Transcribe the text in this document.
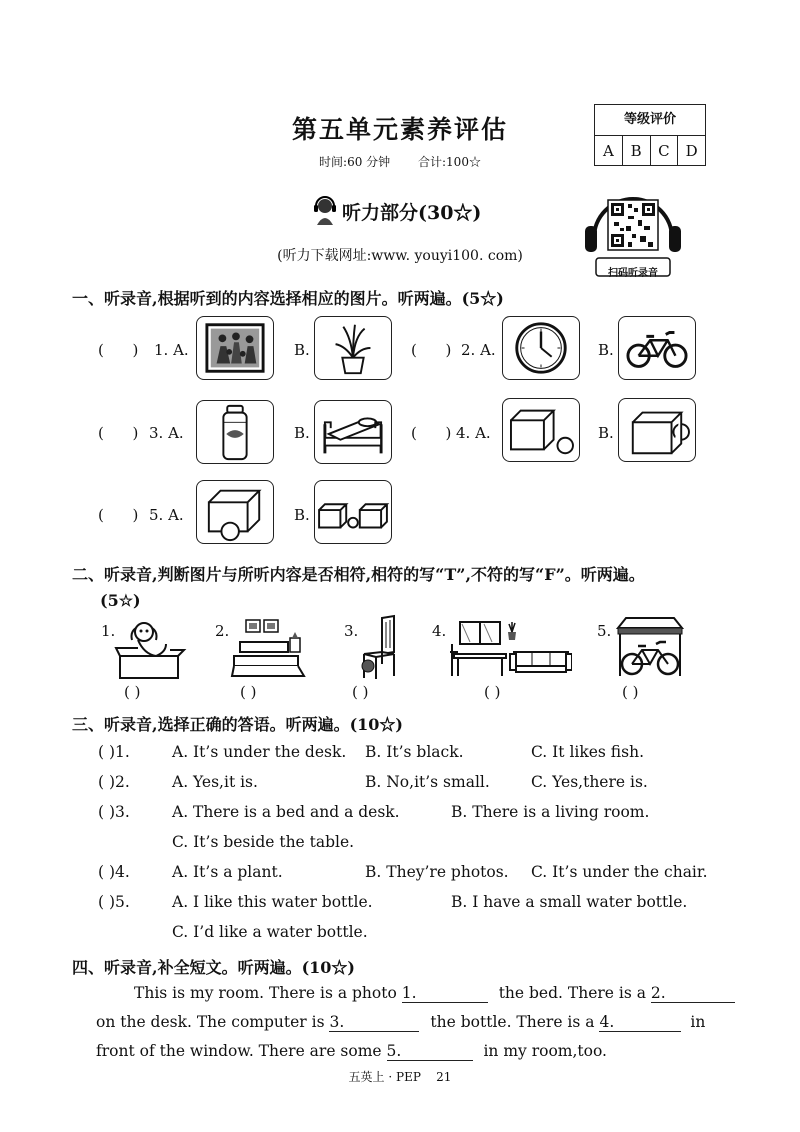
第五单元素养评估
时间:60 分钟 合计:100☆
等级评价
A	B	C	D
听力部分(30☆)
(听力下载网址:www. youyi100. com)
扫码听录音
一、听录音,根据听到的内容选择相应的图片。听两遍。(5☆)
( ) 1. A.	B.	( ) 2. A.	B.
( ) 3. A.	B.	( ) 4. A.	B.
( ) 5. A.	B.
二、听录音,判断图片与所听内容是否相符,相符的写“T”,不符的写“F”。听两遍。
(5☆)
1.
( )
2.
( )
3.
( )
4.
( )
5.
( )
三、听录音,选择正确的答语。听两遍。(10☆)
( )1.	A. It’s under the desk. B. It’s black.	C. It likes fish.
( )2.	A. Yes,it is.	B. No,it’s small.	C. Yes,there is.
( )3.	A. There is a bed and a desk.	B. There is a living room.
C. It’s beside the table.
( )4.	A. It’s a plant.	B. They’re photos. C. It’s under the chair.
( )5.	A. I like this water bottle.	B. I have a small water bottle.
C. I’d like a water bottle.
四、听录音,补全短文。听两遍。(10☆)
This is my room. There is a photo 1.	the bed. There is a 2.
on the desk. The computer is 3.	the bottle. There is a 4.	in
front of the window. There are some 5.	in my room,too.
五英上 · PEP    21
